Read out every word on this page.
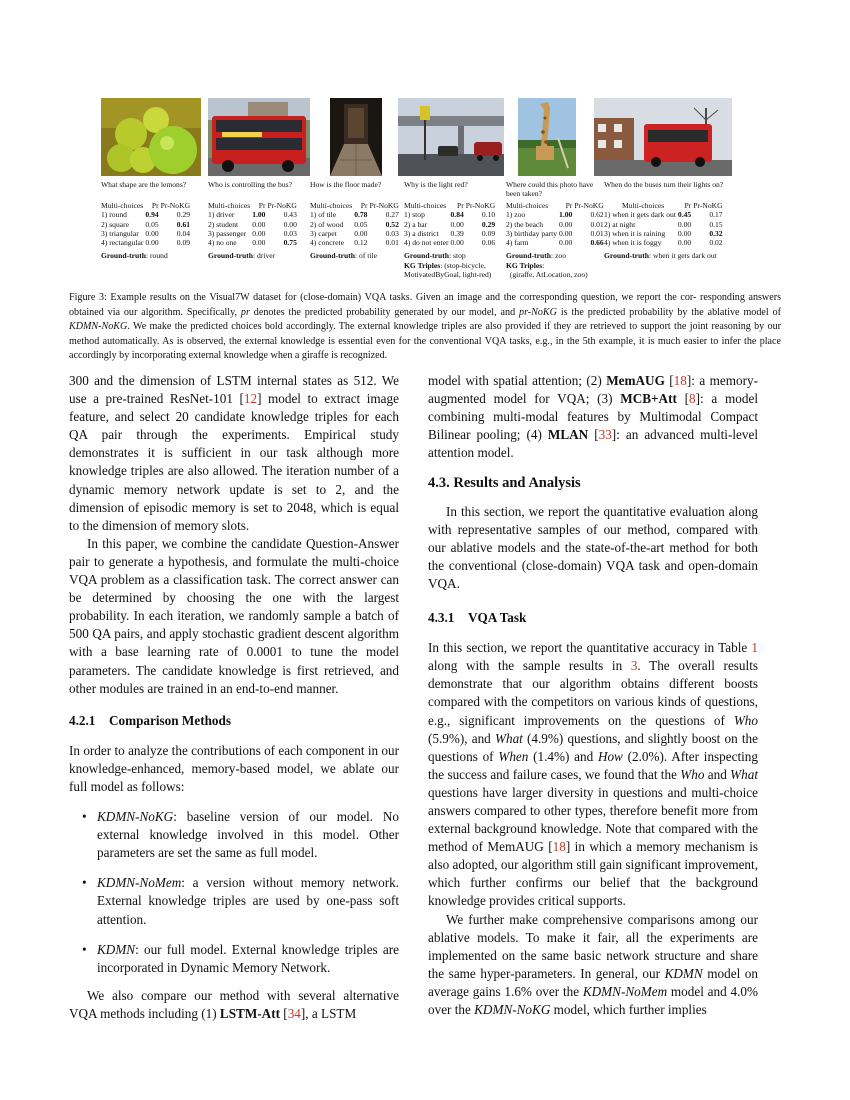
What shape are the lemons?
Multi-choices	Pr	Pr-NoKG
1) round	0.94	0.29
2) square	0.05	0.61
3) triangular	0.00	0.04
4) rectangular	0.00	0.09
Ground-truth: round
Who is controlling the bus?
Multi-choices	Pr	Pr-NoKG
1) driver	1.00	0.43
2) student	0.00	0.00
3) passenger	0.00	0.03
4) no one	0.00	0.75
Ground-truth: driver
How is the floor made?
Multi-choices	Pr	Pr-NoKG
1) of tile	0.78	0.27
2) of wood	0.05	0.52
3) carpet	0.00	0.03
4) concrete	0.12	0.01
Ground-truth: of tile
Why is the light red?
Multi-choices	Pr	Pr-NoKG
1) stop	0.84	0.10
2) a bar	0.00	0.29
3) a district	0.39	0.09
4) do not enter	0.00	0.06
Ground-truth: stop
KG Triples: (stop-bicycle, MotivatedByGoal, light-red)
Where could this photo have been taken?
Multi-choices	Pr	Pr-NoKG
1) zoo	1.00	0.62
2) the beach	0.00	0.01
3) birthday party	0.00	0.01
4) farm	0.00	0.66
Ground-truth: zoo
KG Triples:
(giraffe, AtLocation, zoo)
When do the buses turn their lights on?
Multi-choices	Pr	Pr-NoKG
1) when it gets dark out	0.45	0.17
2) at night	0.00	0.15
3) when it is raining	0.00	0.32
4) when it is foggy	0.00	0.02
Ground-truth: when it gets dark out
Figure 3: Example results on the Visual7W dataset for (close-domain) VQA tasks. Given an image and the corresponding question, we report the cor- responding answers obtained via our algorithm. Specifically, pr denotes the predicted probability generated by our model, and pr-NoKG is the predicted probability by the ablative model of KDMN-NoKG. We make the predicted choices bold accordingly. The external knowledge triples are also provided if they are retrieved to support the joint reasoning by our method automatically. As is observed, the external knowledge is essential even for the conventional VQA tasks, e.g., in the 5th example, it is much easier to infer the place accordingly by incorporating external knowledge when a giraffe is recognized.

300 and the dimension of LSTM internal states as 512. We use a pre-trained ResNet-101 [12] model to extract image feature, and select 20 candidate knowledge triples for each QA pair through the experiments. Empirical study demonstrates it is sufficient in our task although more knowledge triples are also allowed. The iteration number of a dynamic memory network update is set to 2, and the dimension of episodic memory is set to 2048, which is equal to the dimension of memory slots.

In this paper, we combine the candidate Question-Answer pair to generate a hypothesis, and formulate the multi-choice VQA problem as a classification task. The correct answer can be determined by choosing the one with the largest probability. In each iteration, we randomly sample a batch of 500 QA pairs, and apply stochastic gradient descent algorithm with a base learning rate of 0.0001 to tune the model parameters. The candidate knowledge is first retrieved, and other modules are trained in an end-to-end manner.

4.2.1 Comparison Methods

In order to analyze the contributions of each component in our knowledge-enhanced, memory-based model, we ablate our full model as follows:

• KDMN-NoKG: baseline version of our model. No external knowledge involved in this model. Other parameters are set the same as full model.
• KDMN-NoMem: a version without memory network. External knowledge triples are used by one-pass soft attention.
• KDMN: our full model. External knowledge triples are incorporated in Dynamic Memory Network.

We also compare our method with several alternative VQA methods including (1) LSTM-Att [34], a LSTM

model with spatial attention; (2) MemAUG [18]: a memory-augmented model for VQA; (3) MCB+Att [8]: a model combining multi-modal features by Multimodal Compact Bilinear pooling; (4) MLAN [33]: an advanced multi-level attention model.

4.3. Results and Analysis

In this section, we report the quantitative evaluation along with representative samples of our method, compared with our ablative models and the state-of-the-art method for both the conventional (close-domain) VQA task and open-domain VQA.

4.3.1 VQA Task

In this section, we report the quantitative accuracy in Table 1 along with the sample results in 3. The overall results demonstrate that our algorithm obtains different boosts compared with the competitors on various kinds of questions, e.g., significant improvements on the questions of Who (5.9%), and What (4.9%) questions, and slightly boost on the questions of When (1.4%) and How (2.0%). After inspecting the success and failure cases, we found that the Who and What questions have larger diversity in questions and multi-choice answers compared to other types, therefore benefit more from external background knowledge. Note that compared with the method of MemAUG [18] in which a memory mechanism is also adopted, our algorithm still gain significant improvement, which further confirms our belief that the background knowledge provides critical supports.

We further make comprehensive comparisons among our ablative models. To make it fair, all the experiments are implemented on the same basic network structure and share the same hyper-parameters. In general, our KDMN model on average gains 1.6% over the KDMN-NoMem model and 4.0% over the KDMN-NoKG model, which further implies
